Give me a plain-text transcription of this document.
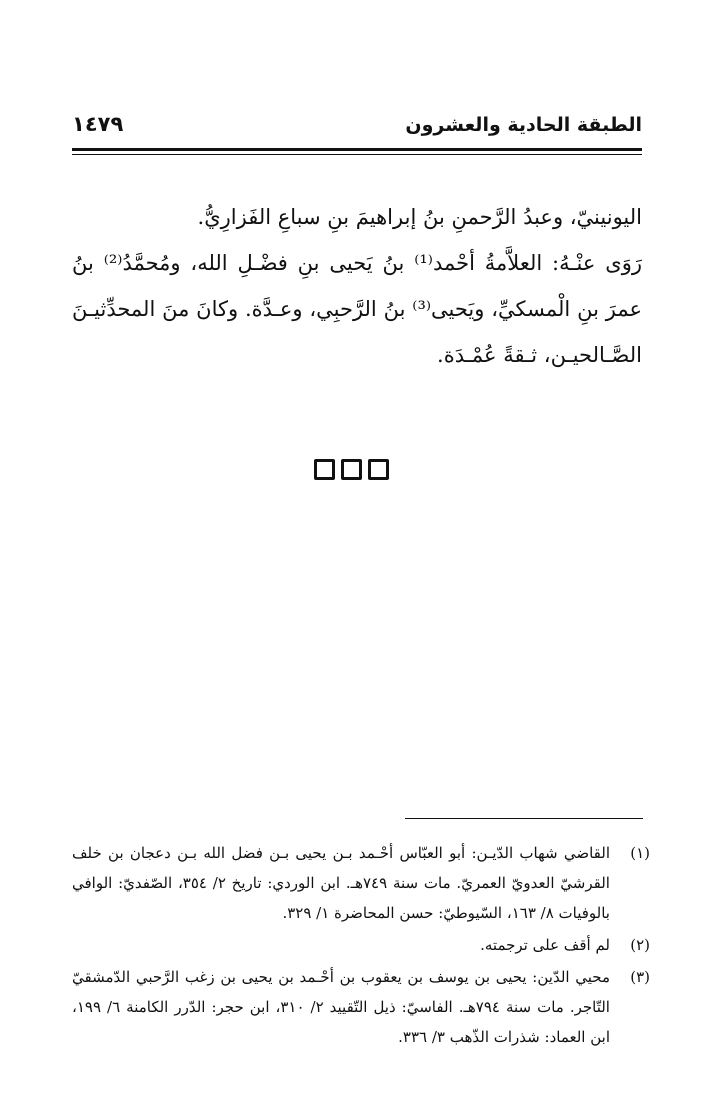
الطبقة الحادية والعشرون
١٤٧٩

اليونينيّ، وعبدُ الرَّحمنِ بنُ إبراهيمَ بنِ سباعِ الفَزارِيُّ.

رَوَى عنْـهُ: العلاَّمةُ أحْمد⁽¹⁾ بنُ يَحيى بنِ فضْـلِ الله، ومُحمَّدُ⁽²⁾ بنُ عمرَ بنِ الْمسكيِّ، ويَحيى⁽³⁾ بنُ الرَّحبِي، وعـدَّة. وكانَ منَ المحدِّثيـنَ الصَّـالحيـن، ثـقةً عُمْـدَة.

(١)
القاضي شهاب الدّيـن: أبو العبّاس أحْـمد بـن يحيى بـن فضل الله بـن دعجان بن خلف القرشيّ العدويّ العمريّ. مات سنة ٧٤٩هـ. ابن الوردي: تاريخ ٢/ ٣٥٤، الصّفديّ: الوافي بالوفيات ٨/ ١٦٣، السّيوطيّ: حسن المحاضرة ١/ ٣٢٩.
(٢)
لم أقف على ترجمته.
(٣)
محيي الدّين: يحيى بن يوسف بن يعقوب بن أحْـمد بن يحيى بن زغب الرَّحبي الدّمشقيّ التّاجر. مات سنة ٧٩٤هـ. الفاسيّ: ذيل التّقييد ٢/ ٣١٠، ابن حجر: الدّرر الكامنة ٦/ ١٩٩، ابن العماد: شذرات الذّهب ٣/ ٣٣٦.
